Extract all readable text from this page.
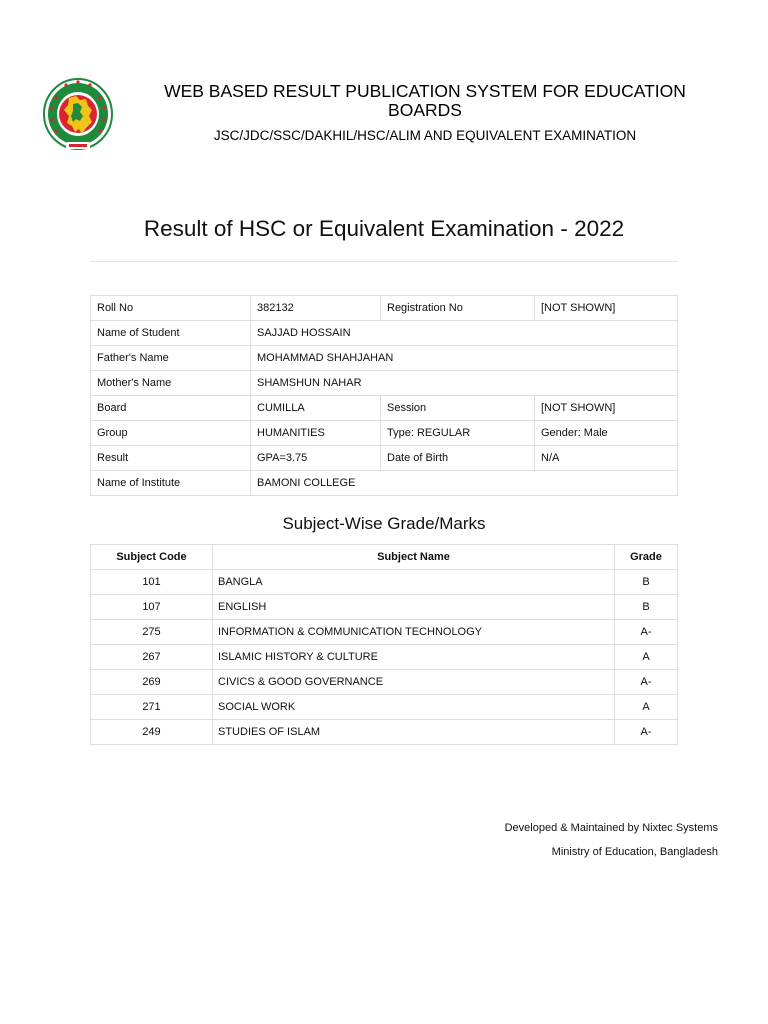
WEB BASED RESULT PUBLICATION SYSTEM FOR EDUCATION BOARDS
JSC/JDC/SSC/DAKHIL/HSC/ALIM AND EQUIVALENT EXAMINATION
Result of HSC or Equivalent Examination - 2022
Roll No	382132	Registration No	[NOT SHOWN]
Name of Student	SAJJAD HOSSAIN		
Father's Name	MOHAMMAD SHAHJAHAN		
Mother's Name	SHAMSHUN NAHAR		
Board	CUMILLA	Session	[NOT SHOWN]
Group	HUMANITIES	Type: REGULAR	Gender: Male
Result	GPA=3.75	Date of Birth	N/A
Name of Institute	BAMONI COLLEGE		
Subject-Wise Grade/Marks
Subject Code	Subject Name	Grade
101	BANGLA	B
107	ENGLISH	B
275	INFORMATION & COMMUNICATION TECHNOLOGY	A-
267	ISLAMIC HISTORY & CULTURE	A
269	CIVICS & GOOD GOVERNANCE	A-
271	SOCIAL WORK	A
249	STUDIES OF ISLAM	A-
Developed & Maintained by Nixtec Systems
Ministry of Education, Bangladesh
